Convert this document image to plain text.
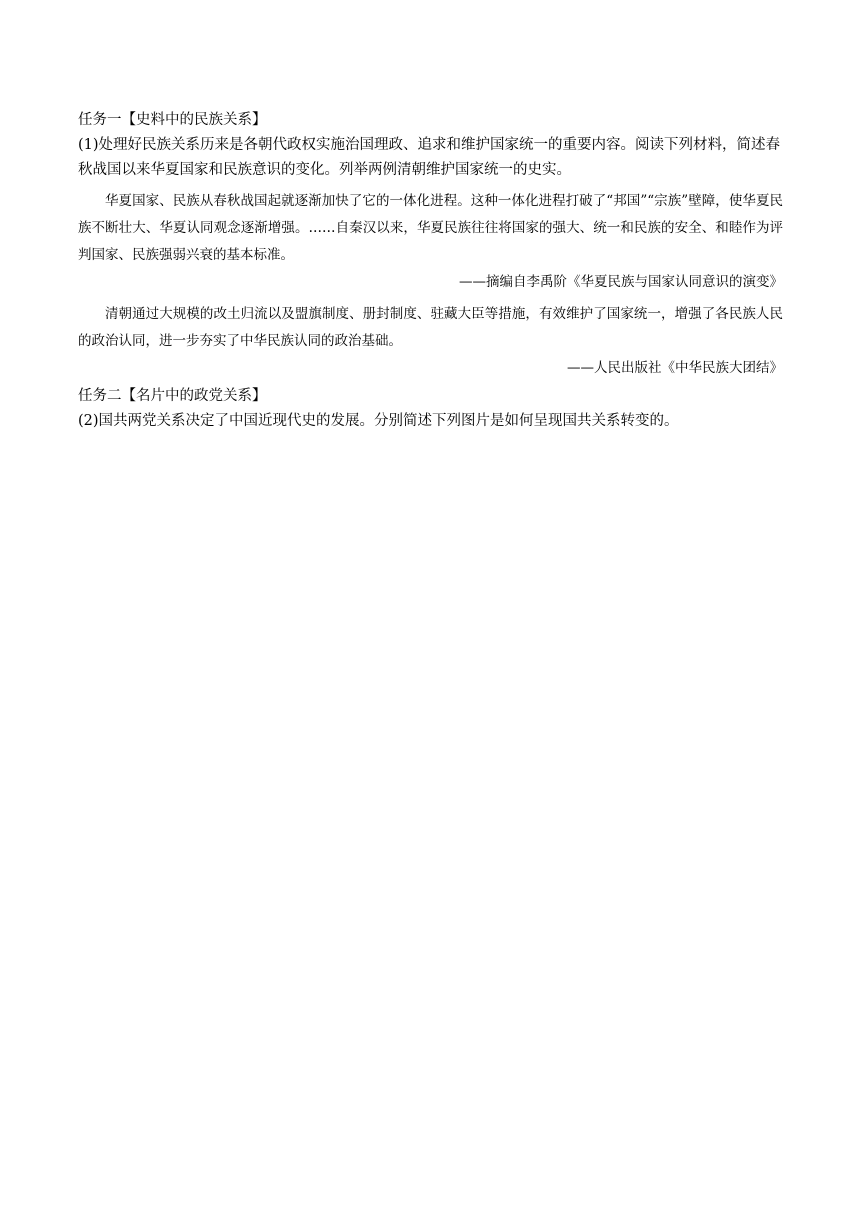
任务一【史料中的民族关系】

(1)处理好民族关系历来是各朝代政权实施治国理政、追求和维护国家统一的重要内容。阅读下列材料，简述春秋战国以来华夏国家和民族意识的变化。列举两例清朝维护国家统一的史实。

华夏国家、民族从春秋战国起就逐渐加快了它的一体化进程。这种一体化进程打破了“邦国”“宗族”壁障，使华夏民族不断壮大、华夏认同观念逐渐增强。……自秦汉以来，华夏民族往往将国家的强大、统一和民族的安全、和睦作为评判国家、民族强弱兴衰的基本标准。

——摘编自李禹阶《华夏民族与国家认同意识的演变》

清朝通过大规模的改土归流以及盟旗制度、册封制度、驻藏大臣等措施，有效维护了国家统一，增强了各民族人民的政治认同，进一步夯实了中华民族认同的政治基础。

——人民出版社《中华民族大团结》

任务二【名片中的政党关系】

(2)国共两党关系决定了中国近现代史的发展。分别简述下列图片是如何呈现国共关系转变的。
